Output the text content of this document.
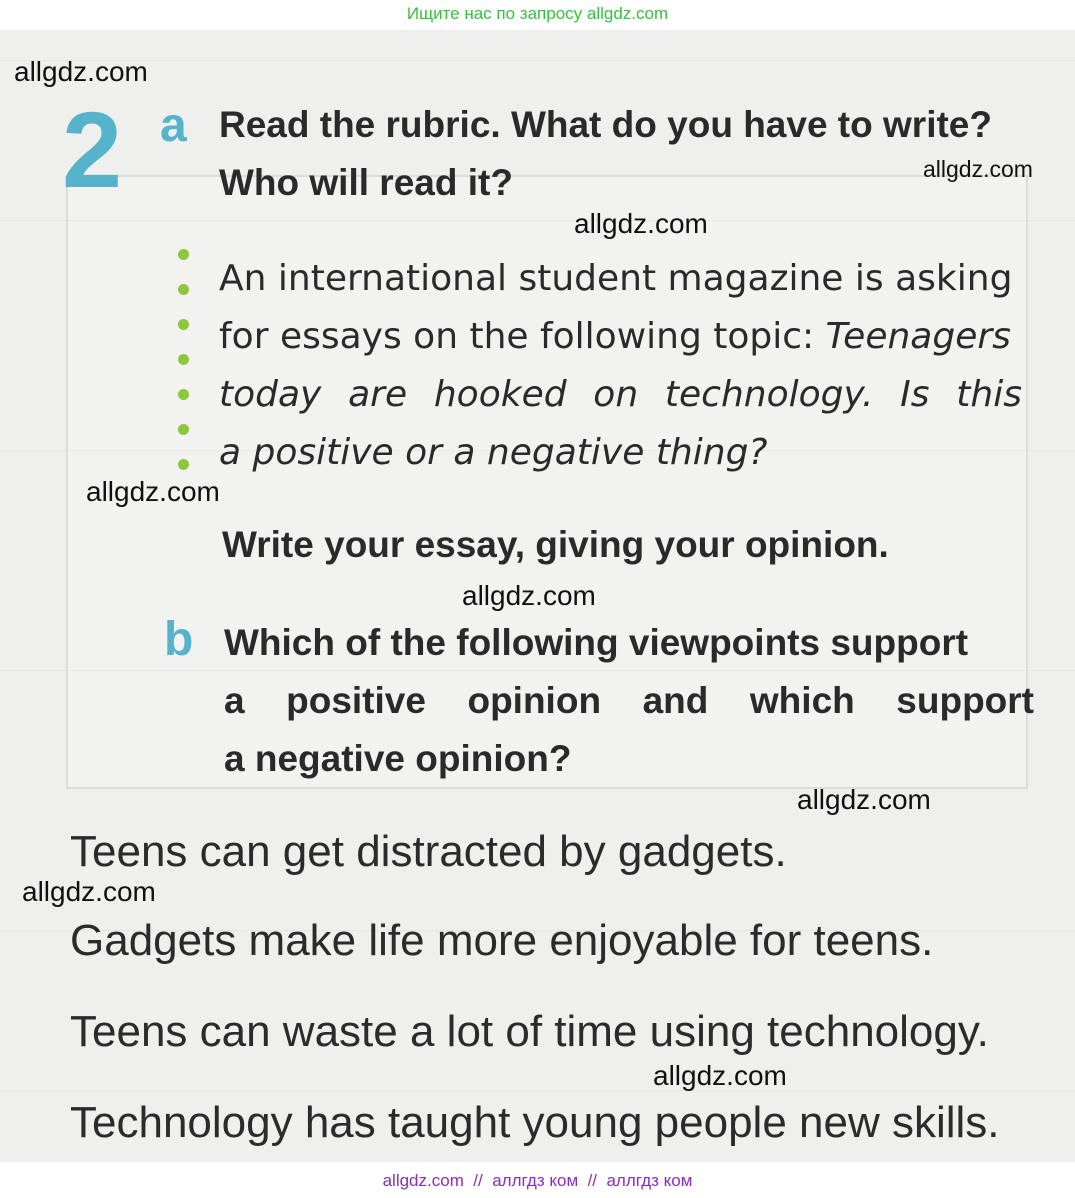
Ищите нас по запросу allgdz.com
2 a Read the rubric. What do you have to write?
Who will read it?
An international student magazine is asking
for essays on the following topic: Teenagers
today are hooked on technology. Is this
a positive or a negative thing?
Write your essay, giving your opinion.
b Which of the following viewpoints support
a positive opinion and which support
a negative opinion?
Teens can get distracted by gadgets.
Gadgets make life more enjoyable for teens.
Teens can waste a lot of time using technology.
Technology has taught young people new skills.
allgdz.com
allgdz.com
allgdz.com
allgdz.com
allgdz.com
allgdz.com
allgdz.com
allgdz.com
allgdz.com  //  аллгдз ком  //  аллгдз ком
